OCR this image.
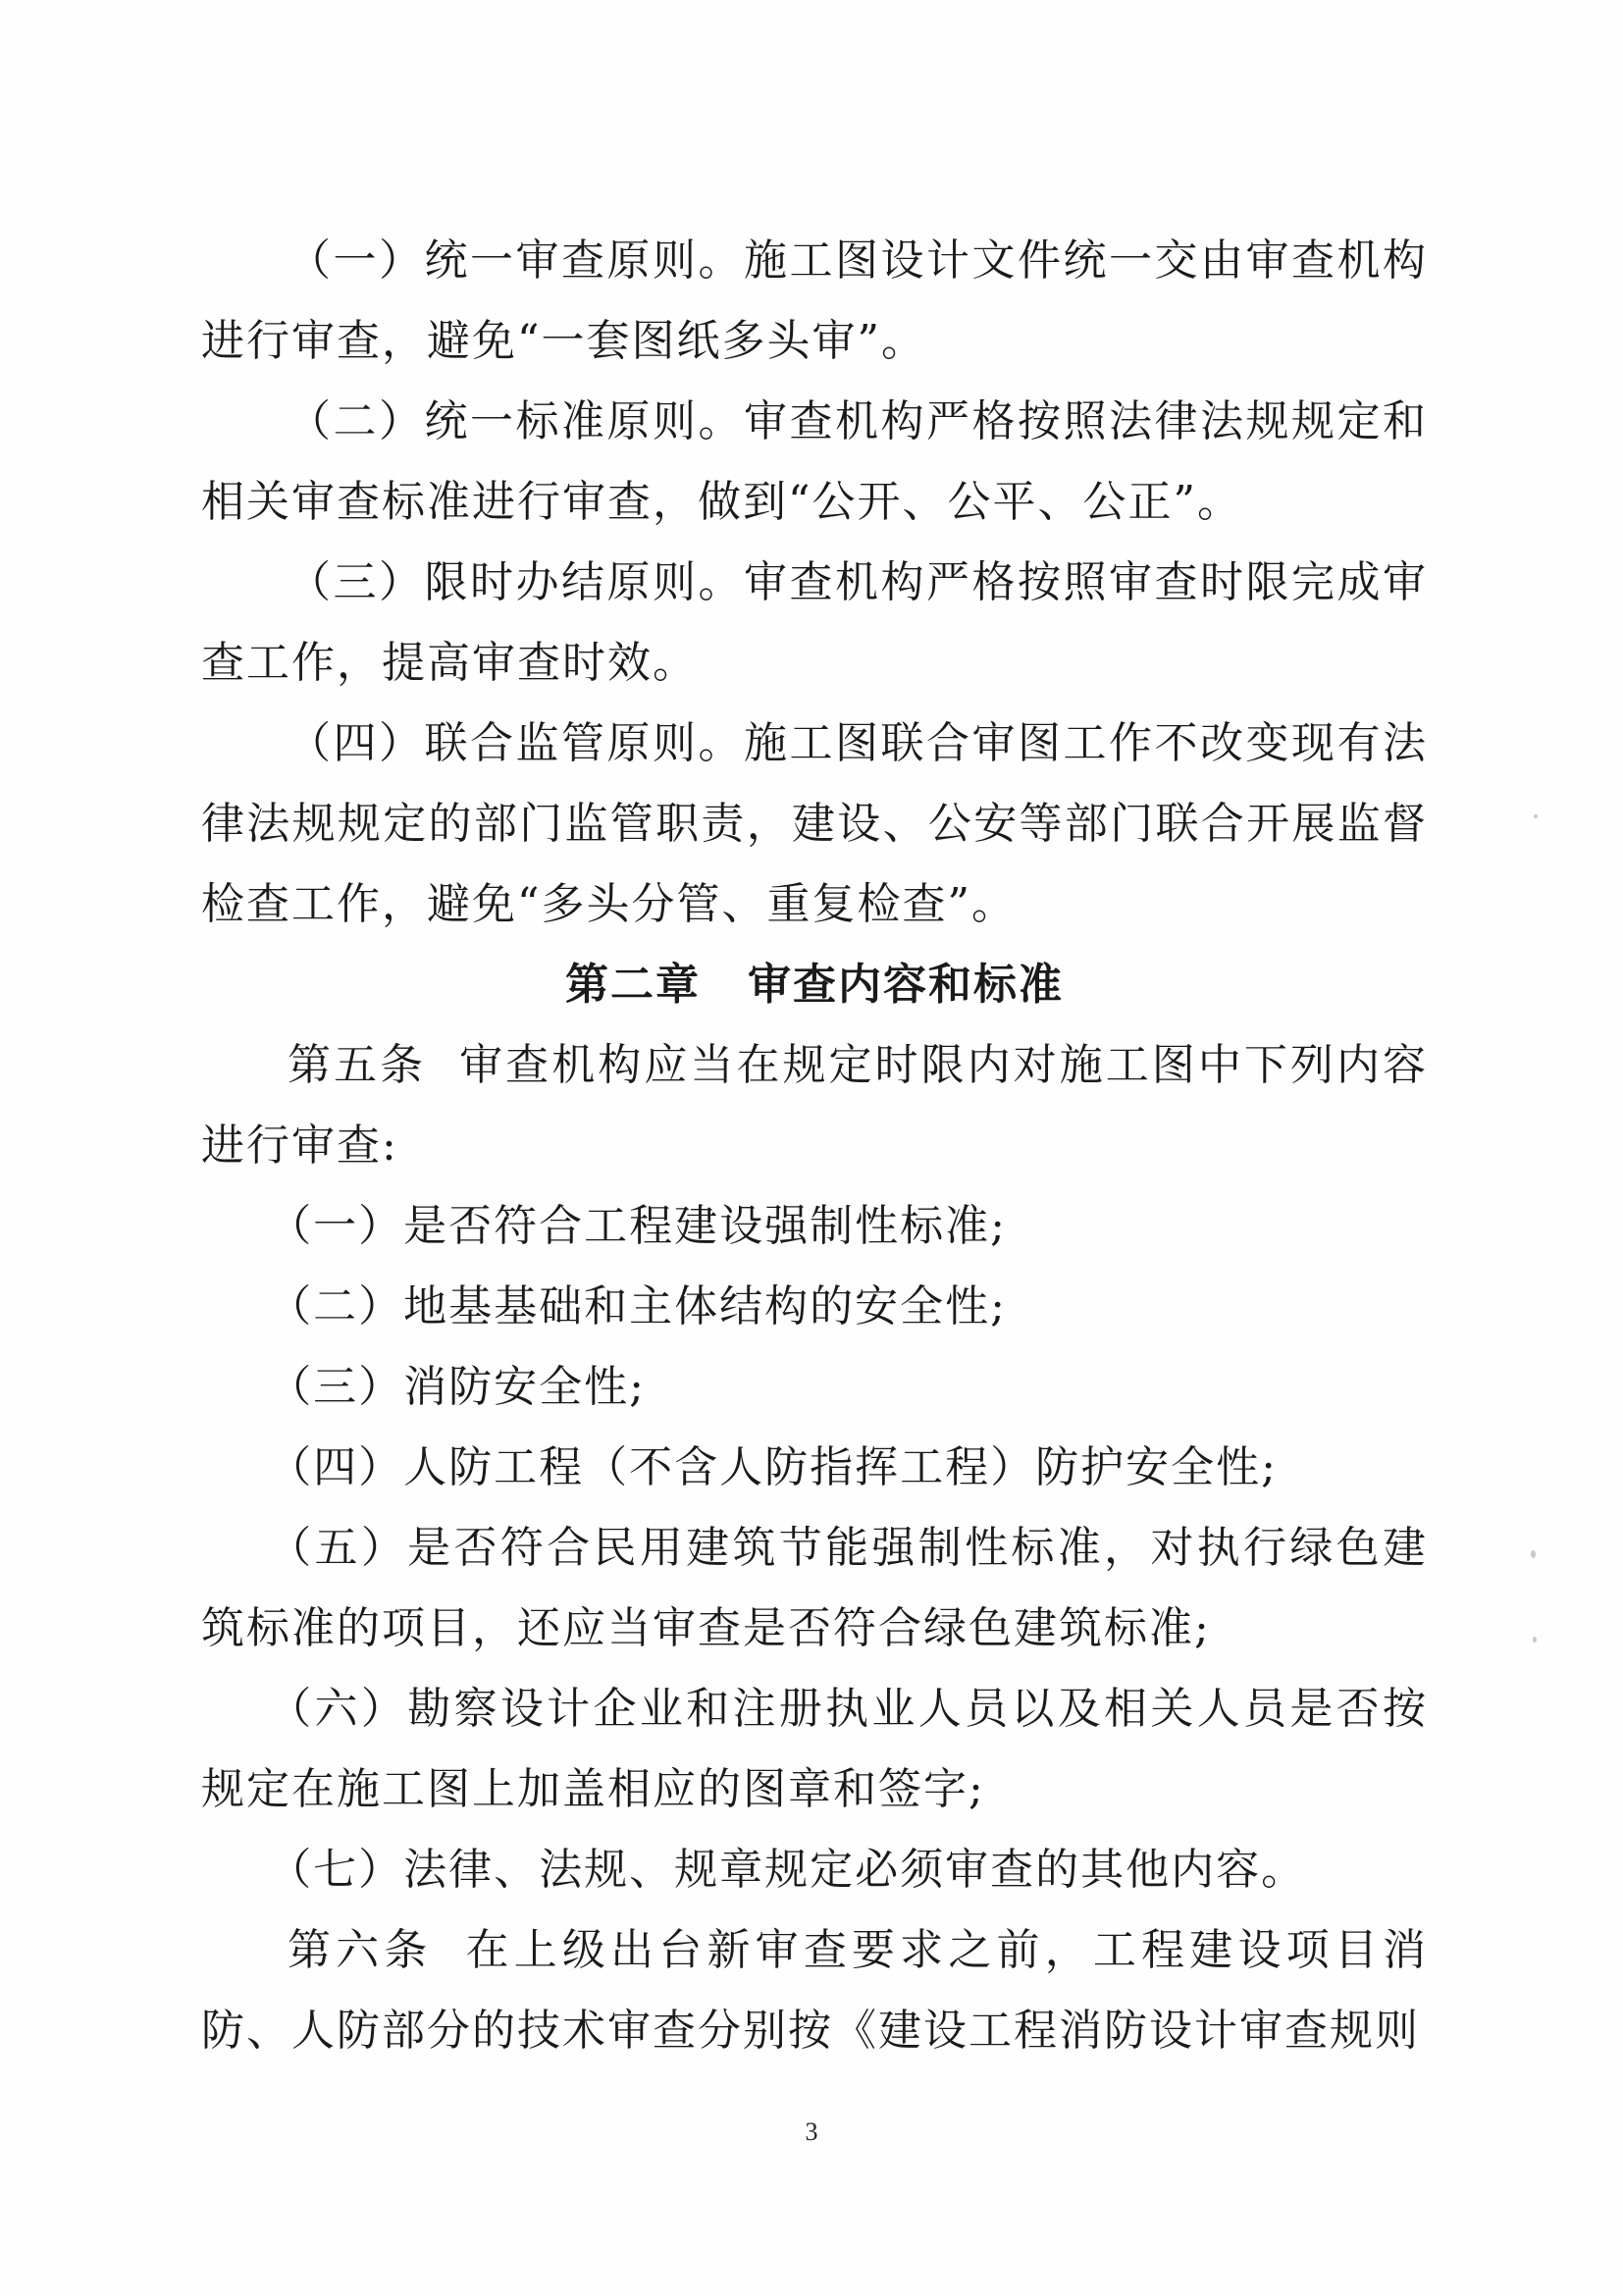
（一）统一审查原则。施工图设计文件统一交由审查机构进行审查，避免“一套图纸多头审”。

（二）统一标准原则。审查机构严格按照法律法规规定和相关审查标准进行审查，做到“公开、公平、公正”。

（三）限时办结原则。审查机构严格按照审查时限完成审查工作，提高审查时效。

（四）联合监管原则。施工图联合审图工作不改变现有法律法规规定的部门监管职责，建设、公安等部门联合开展监督检查工作，避免“多头分管、重复检查”。

第二章 审查内容和标准

第五条 审查机构应当在规定时限内对施工图中下列内容进行审查:

（一）是否符合工程建设强制性标准;

（二）地基基础和主体结构的安全性;

（三）消防安全性;

（四）人防工程（不含人防指挥工程）防护安全性;

（五）是否符合民用建筑节能强制性标准，对执行绿色建筑标准的项目，还应当审查是否符合绿色建筑标准;

（六）勘察设计企业和注册执业人员以及相关人员是否按规定在施工图上加盖相应的图章和签字;

（七）法律、法规、规章规定必须审查的其他内容。

第六条 在上级出台新审查要求之前，工程建设项目消防、人防部分的技术审查分别按《建设工程消防设计审查规则

3
